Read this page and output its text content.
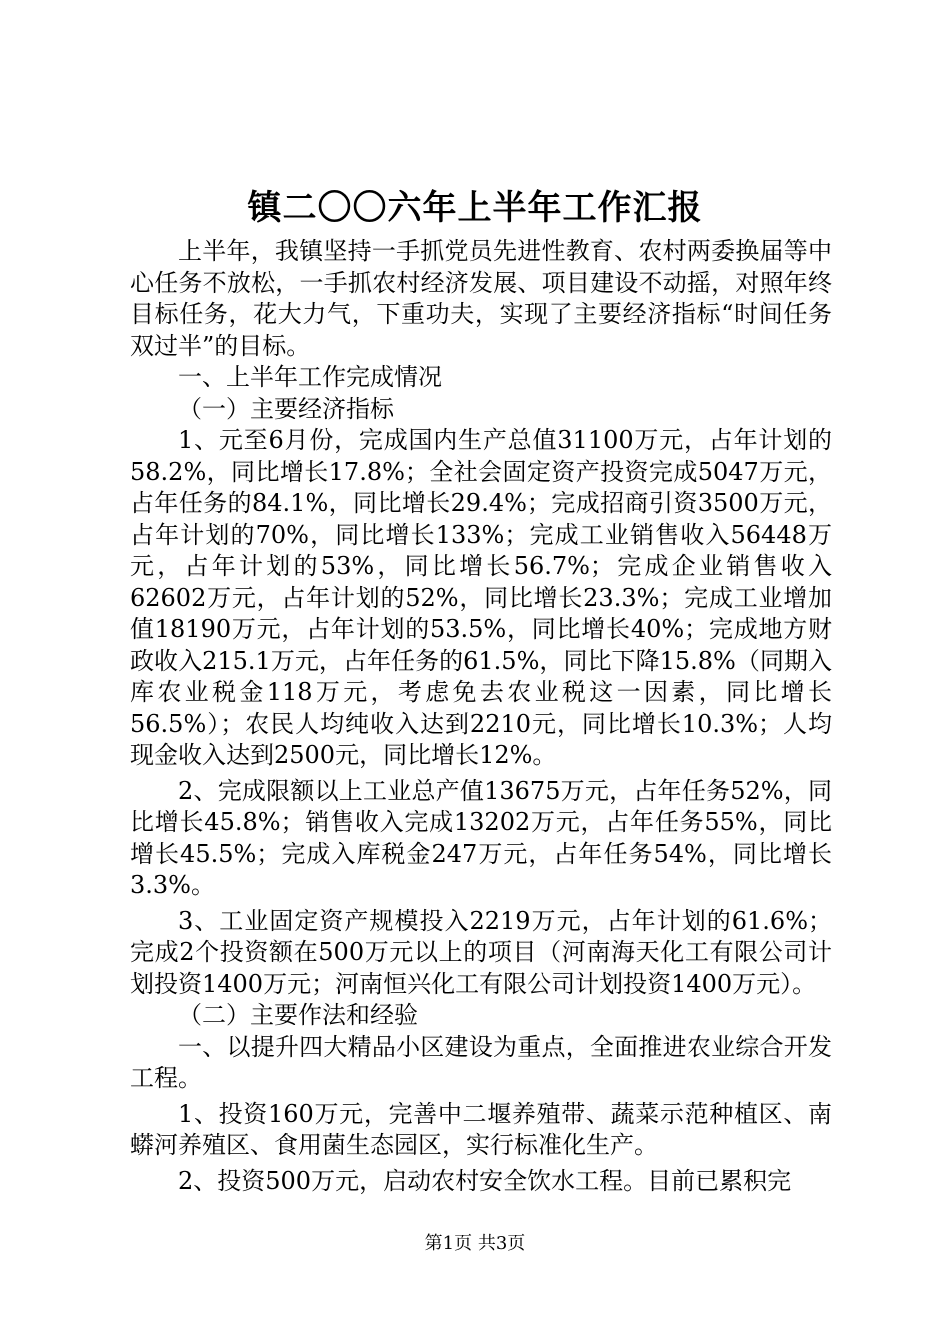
镇二〇〇六年上半年工作汇报

上半年，我镇坚持一手抓党员先进性教育、农村两委换届等中心任务不放松，一手抓农村经济发展、项目建设不动摇，对照年终目标任务，花大力气，下重功夫，实现了主要经济指标“时间任务双过半”的目标。

一、上半年工作完成情况

（一）主要经济指标

1、元至6月份，完成国内生产总值31100万元，占年计划的58.2%，同比增长17.8%；全社会固定资产投资完成5047万元，占年任务的84.1%，同比增长29.4%；完成招商引资3500万元，占年计划的70%，同比增长133%；完成工业销售收入56448万元，占年计划的53%，同比增长56.7%；完成企业销售收入62602万元，占年计划的52%，同比增长23.3%；完成工业增加值18190万元，占年计划的53.5%，同比增长40%；完成地方财政收入215.1万元，占年任务的61.5%，同比下降15.8%（同期入库农业税金118万元，考虑免去农业税这一因素，同比增长56.5%）；农民人均纯收入达到2210元，同比增长10.3%；人均现金收入达到2500元，同比增长12%。

2、完成限额以上工业总产值13675万元，占年任务52%，同比增长45.8%；销售收入完成13202万元，占年任务55%，同比增长45.5%；完成入库税金247万元，占年任务54%，同比增长3.3%。

3、工业固定资产规模投入2219万元，占年计划的61.6%；完成2个投资额在500万元以上的项目（河南海天化工有限公司计划投资1400万元；河南恒兴化工有限公司计划投资1400万元）。

（二）主要作法和经验

一、以提升四大精品小区建设为重点，全面推进农业综合开发工程。

1、投资160万元，完善中二堰养殖带、蔬菜示范种植区、南蟒河养殖区、食用菌生态园区，实行标准化生产。

2、投资500万元，启动农村安全饮水工程。目前已累积完

第1页 共3页
